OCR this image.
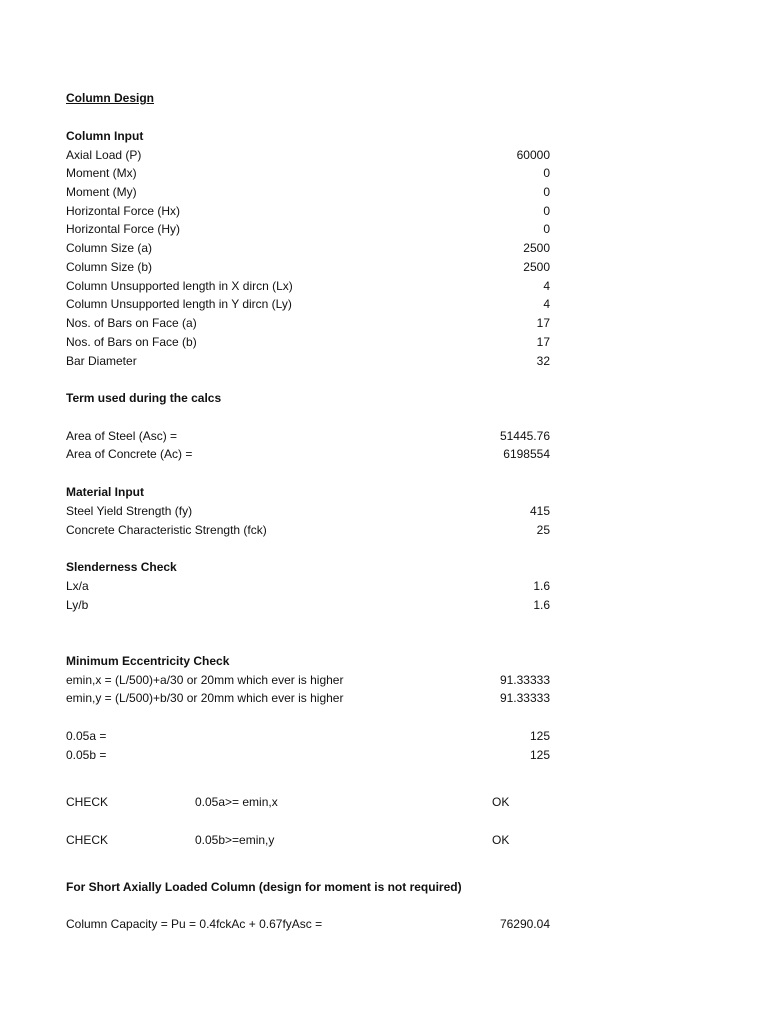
Column Design
Column Input
Axial Load (P)	60000
Moment (Mx)	0
Moment (My)	0
Horizontal Force (Hx)	0
Horizontal Force (Hy)	0
Column Size (a)	2500
Column Size (b)	2500
Column Unsupported length in X dircn (Lx)	4
Column Unsupported length in Y dircn (Ly)	4
Nos. of Bars on Face (a)	17
Nos. of Bars on Face (b)	17
Bar Diameter	32
Term used during the calcs
Area of Steel (Asc) =	51445.76
Area of Concrete (Ac) =	6198554
Material Input
Steel Yield Strength (fy)	415
Concrete Characteristic Strength (fck)	25
Slenderness Check
Lx/a	1.6
Ly/b	1.6
Minimum Eccentricity Check
emin,x = (L/500)+a/30 or 20mm which ever is higher	91.33333
emin,y = (L/500)+b/30 or 20mm which ever is higher	91.33333
0.05a =	125
0.05b =	125
CHECK	0.05a>= emin,x	OK
CHECK	0.05b>=emin,y	OK
For Short Axially Loaded Column (design for moment is not required)
Column Capacity = Pu = 0.4fckAc + 0.67fyAsc =	76290.04
